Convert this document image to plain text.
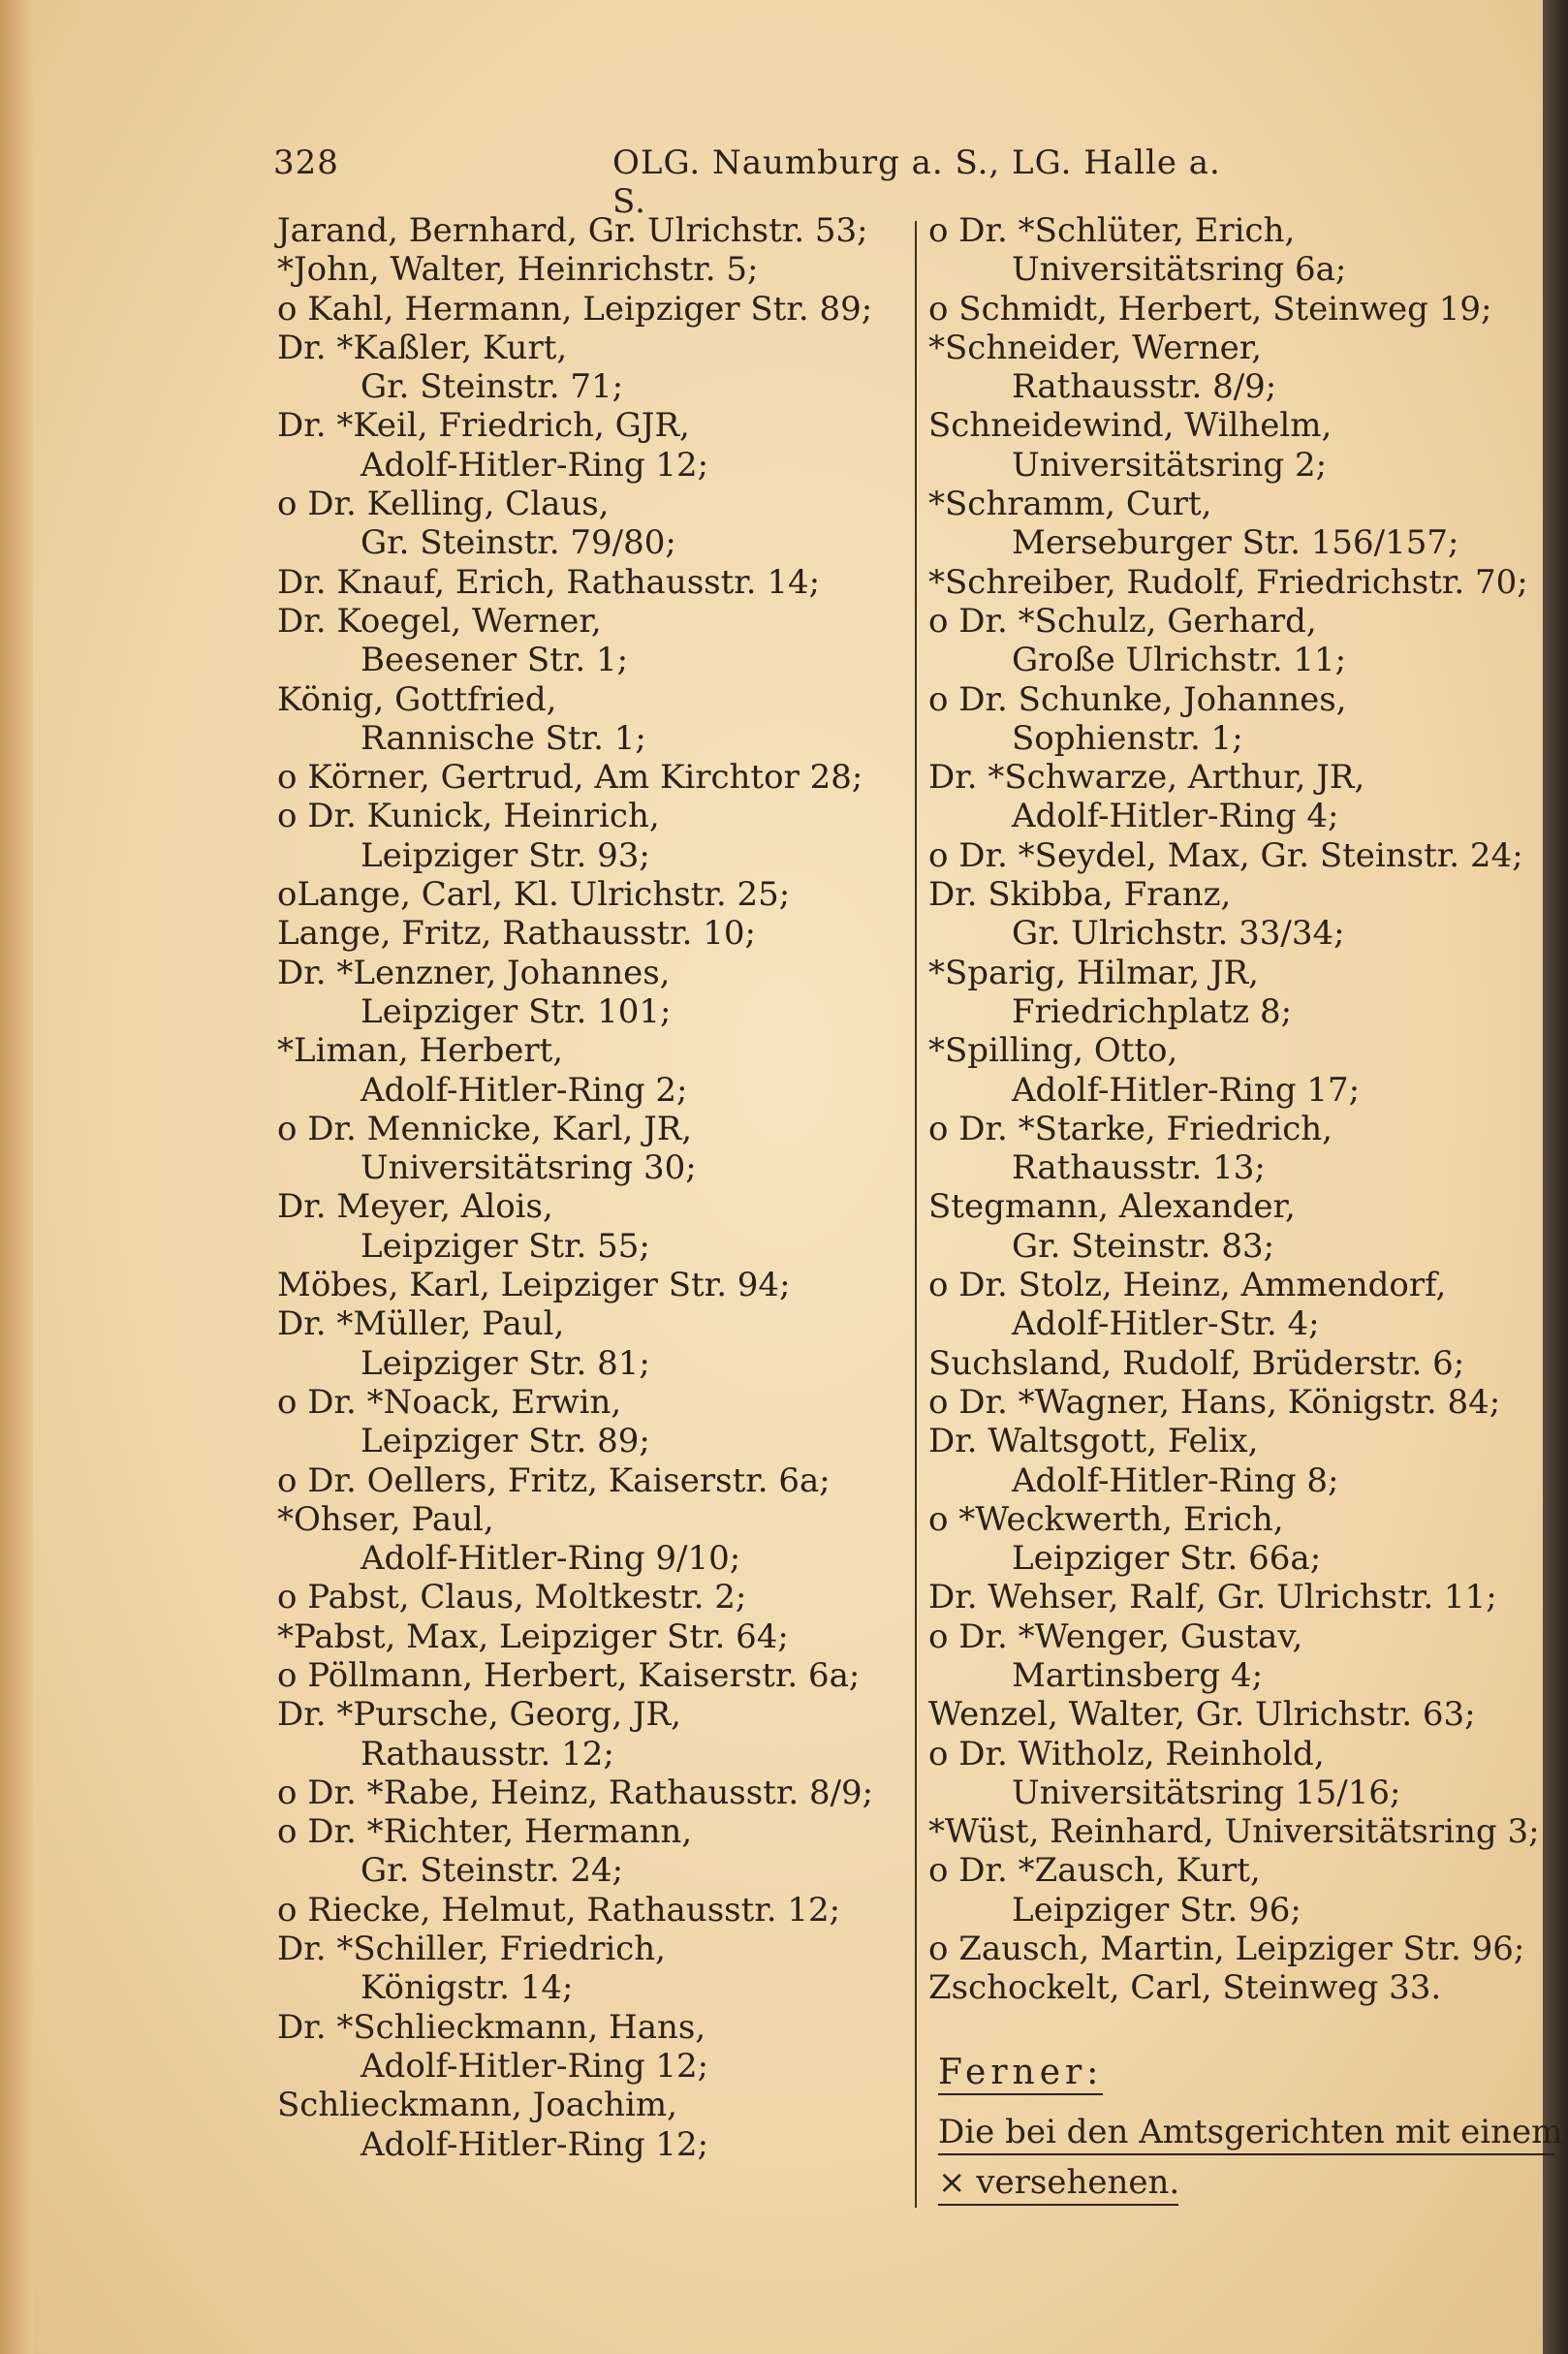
328	OLG. Naumburg a. S., LG. Halle a. S.
Jarand, Bernhard, Gr. Ulrichstr. 53;
*John, Walter, Heinrichstr. 5;
o Kahl, Hermann, Leipziger Str. 89;
Dr. *Kaßler, Kurt,
Gr. Steinstr. 71;
Dr. *Keil, Friedrich, GJR,
Adolf-Hitler-Ring 12;
o Dr. Kelling, Claus,
Gr. Steinstr. 79/80;
Dr. Knauf, Erich, Rathausstr. 14;
Dr. Koegel, Werner,
Beesener Str. 1;
König, Gottfried,
Rannische Str. 1;
o Körner, Gertrud, Am Kirchtor 28;
o Dr. Kunick, Heinrich,
Leipziger Str. 93;
oLange, Carl, Kl. Ulrichstr. 25;
Lange, Fritz, Rathausstr. 10;
Dr. *Lenzner, Johannes,
Leipziger Str. 101;
*Liman, Herbert,
Adolf-Hitler-Ring 2;
o Dr. Mennicke, Karl, JR,
Universitätsring 30;
Dr. Meyer, Alois,
Leipziger Str. 55;
Möbes, Karl, Leipziger Str. 94;
Dr. *Müller, Paul,
Leipziger Str. 81;
o Dr. *Noack, Erwin,
Leipziger Str. 89;
o Dr. Oellers, Fritz, Kaiserstr. 6a;
*Ohser, Paul,
Adolf-Hitler-Ring 9/10;
o Pabst, Claus, Moltkestr. 2;
*Pabst, Max, Leipziger Str. 64;
o Pöllmann, Herbert, Kaiserstr. 6a;
Dr. *Pursche, Georg, JR,
Rathausstr. 12;
o Dr. *Rabe, Heinz, Rathausstr. 8/9;
o Dr. *Richter, Hermann,
Gr. Steinstr. 24;
o Riecke, Helmut, Rathausstr. 12;
Dr. *Schiller, Friedrich,
Königstr. 14;
Dr. *Schlieckmann, Hans,
Adolf-Hitler-Ring 12;
Schlieckmann, Joachim,
Adolf-Hitler-Ring 12;
o Dr. *Schlüter, Erich,
Universitätsring 6a;
o Schmidt, Herbert, Steinweg 19;
*Schneider, Werner,
Rathausstr. 8/9;
Schneidewind, Wilhelm,
Universitätsring 2;
*Schramm, Curt,
Merseburger Str. 156/157;
*Schreiber, Rudolf, Friedrichstr. 70;
o Dr. *Schulz, Gerhard,
Große Ulrichstr. 11;
o Dr. Schunke, Johannes,
Sophienstr. 1;
Dr. *Schwarze, Arthur, JR,
Adolf-Hitler-Ring 4;
o Dr. *Seydel, Max, Gr. Steinstr. 24;
Dr. Skibba, Franz,
Gr. Ulrichstr. 33/34;
*Sparig, Hilmar, JR,
Friedrichplatz 8;
*Spilling, Otto,
Adolf-Hitler-Ring 17;
o Dr. *Starke, Friedrich,
Rathausstr. 13;
Stegmann, Alexander,
Gr. Steinstr. 83;
o Dr. Stolz, Heinz, Ammendorf,
Adolf-Hitler-Str. 4;
Suchsland, Rudolf, Brüderstr. 6;
o Dr. *Wagner, Hans, Königstr. 84;
Dr. Waltsgott, Felix,
Adolf-Hitler-Ring 8;
o *Weckwerth, Erich,
Leipziger Str. 66a;
Dr. Wehser, Ralf, Gr. Ulrichstr. 11;
o Dr. *Wenger, Gustav,
Martinsberg 4;
Wenzel, Walter, Gr. Ulrichstr. 63;
o Dr. Witholz, Reinhold,
Universitätsring 15/16;
*Wüst, Reinhard, Universitätsring 3;
o Dr. *Zausch, Kurt,
Leipziger Str. 96;
o Zausch, Martin, Leipziger Str. 96;
Zschockelt, Carl, Steinweg 33.
Ferner:
Die bei den Amtsgerichten mit einem
× versehenen.
